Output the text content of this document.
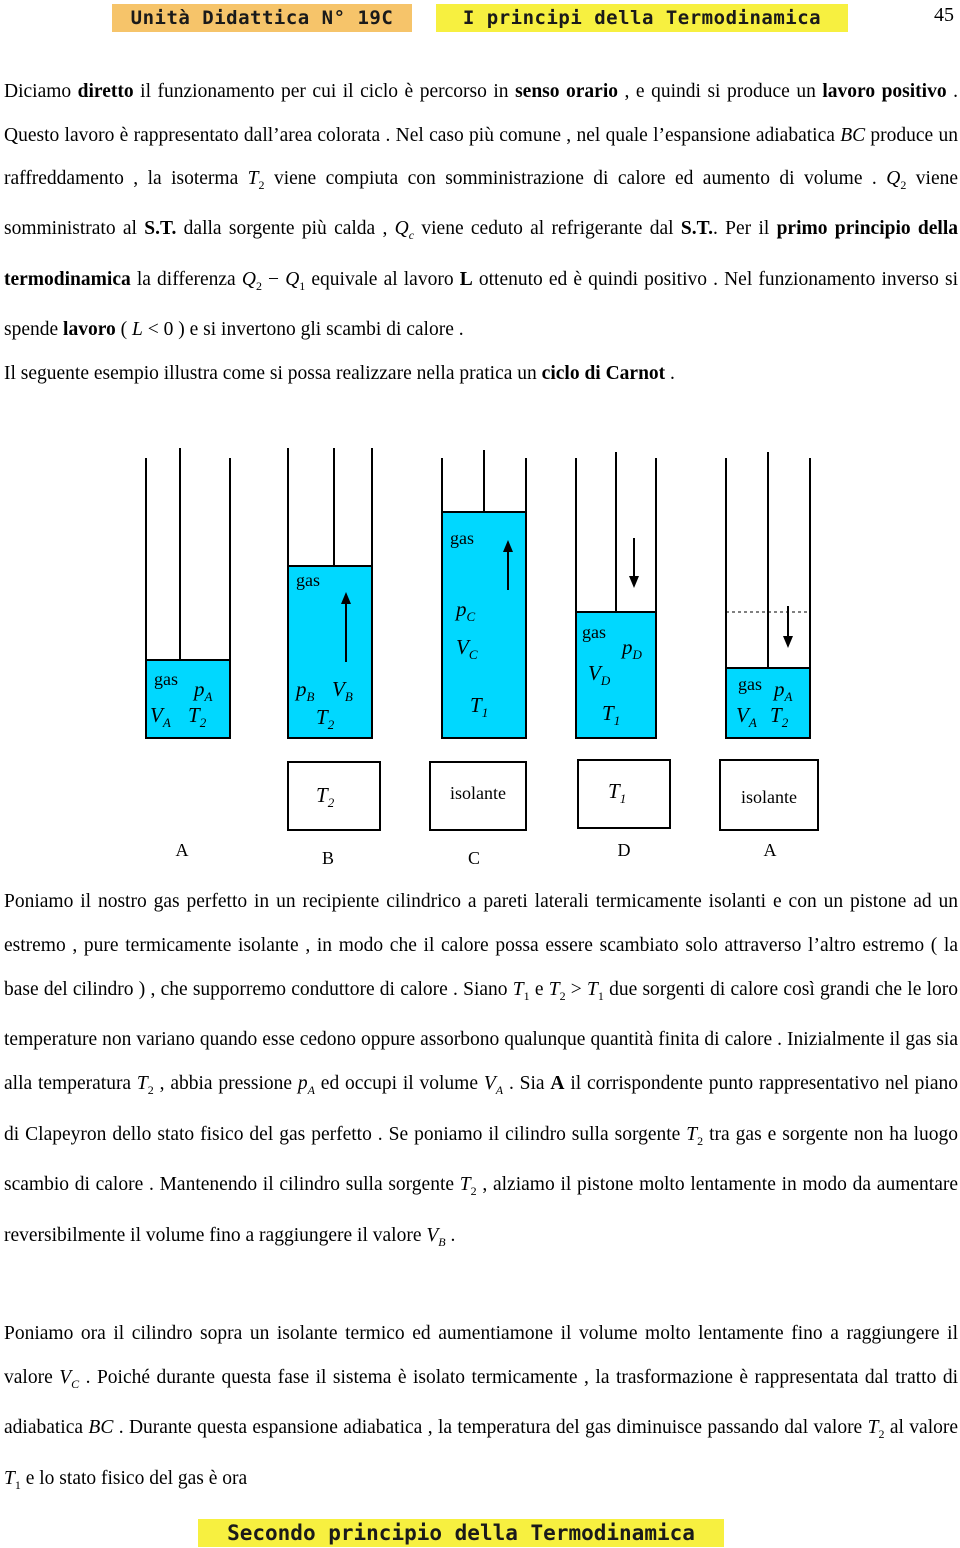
Unità Didattica N° 19C	I principi della Termodinamica	45

Diciamo diretto il funzionamento per cui il ciclo è percorso in senso orario , e quindi si produce un lavoro positivo . Questo lavoro è rappresentato dall’area colorata . Nel caso più comune , nel quale l’espansione adiabatica BC produce un raffreddamento , la isoterma $T_2$ viene compiuta con somministrazione di calore ed aumento di volume . $Q_2$ viene somministrato al S.T. dalla sorgente più calda , $Q_c$ viene ceduto al refrigerante dal S.T.. Per il primo principio della termodinamica la differenza $Q_2 - Q_1$ equivale al lavoro L ottenuto ed è quindi positivo . Nel funzionamento inverso si spende lavoro ( L < 0 ) e si invertono gli scambi di calore .

Il seguente esempio illustra come si possa realizzare nella pratica un ciclo di Carnot .

gas $p_A$
$V_A$ $T_2$
gas
$p_B$ $V_B$
$T_2$
gas
$p_C$
$V_C$
$T_1$
gas
$p_D$
$V_D$
$T_1$
gas $p_A$
$V_A$ $T_2$
$T_2$	isolante	$T_1$	isolante
A	B	C	D	A

Poniamo il nostro gas perfetto in un recipiente cilindrico a pareti laterali termicamente isolanti e con un pistone ad un estremo , pure termicamente isolante , in modo che il calore possa essere scambiato solo attraverso l’altro estremo ( la base del cilindro ) , che supporremo conduttore di calore . Siano $T_1$ e $T_2 > T_1$ due sorgenti di calore così grandi che le loro temperature non variano quando esse cedono oppure assorbono qualunque quantità finita di calore . Inizialmente il gas sia alla temperatura $T_2$ , abbia pressione $p_A$ ed occupi il volume $V_A$ . Sia A il corrispondente punto rappresentativo nel piano di Clapeyron dello stato fisico del gas perfetto . Se poniamo il cilindro sulla sorgente $T_2$ tra gas e sorgente non ha luogo scambio di calore . Mantenendo il cilindro sulla sorgente $T_2$ , alziamo il pistone molto lentamente in modo da aumentare reversibilmente il volume fino a raggiungere il valore $V_B$ .

Poniamo ora il cilindro sopra un isolante termico ed aumentiamone il volume molto lentamente fino a raggiungere il valore $V_C$ . Poiché durante questa fase il sistema è isolato termicamente , la trasformazione è rappresentata dal tratto di adiabatica BC . Durante questa espansione adiabatica , la temperatura del gas diminuisce passando dal valore $T_2$ al valore $T_1$ e lo stato fisico del gas è ora

Secondo principio della Termodinamica
